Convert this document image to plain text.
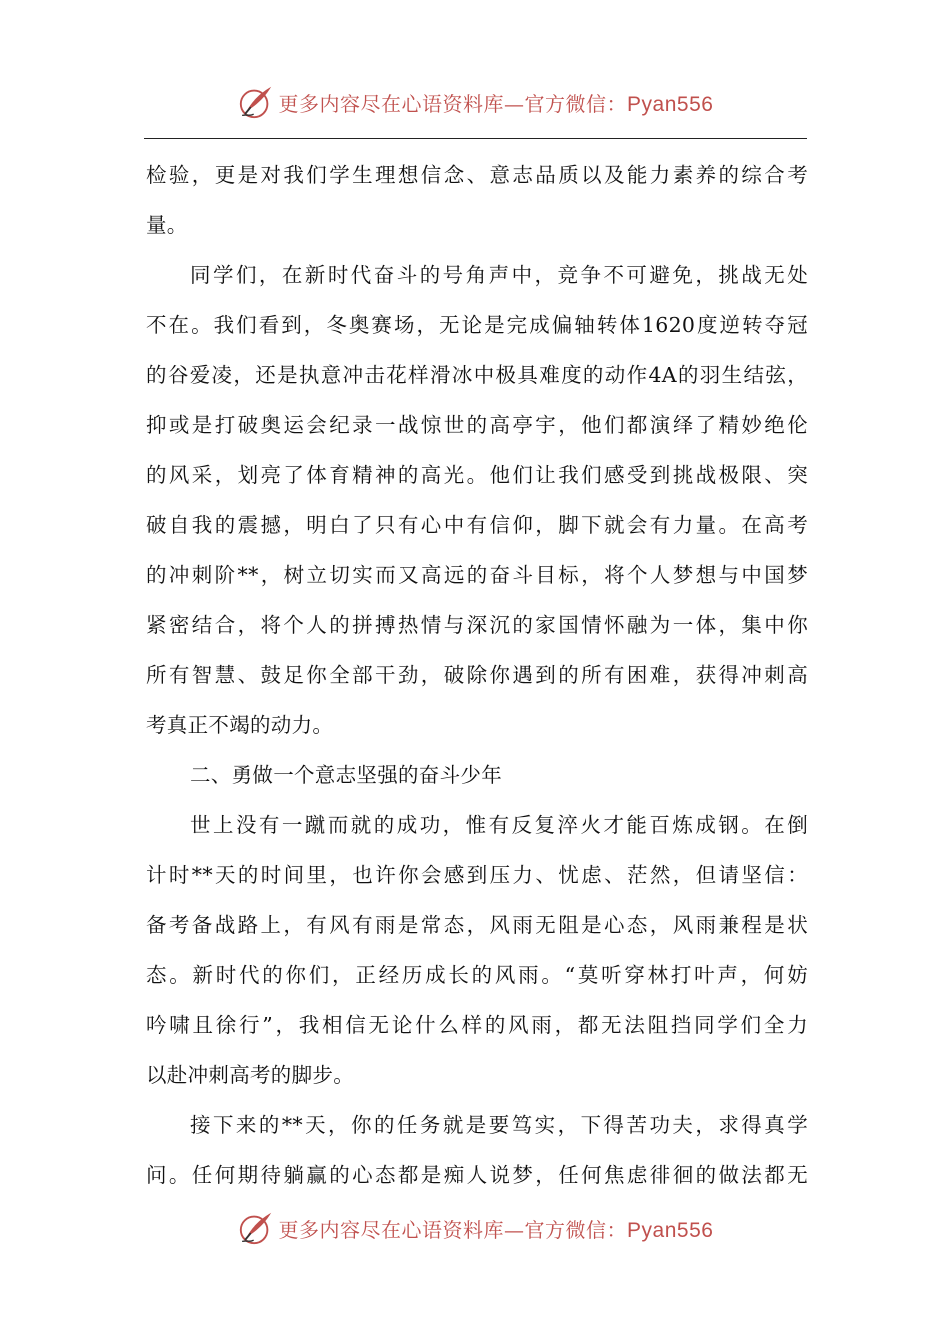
更多内容尽在心语资料库—官方微信：Pyan556
检验，更是对我们学生理想信念、意志品质以及能力素养的综合考
量。
同学们，在新时代奋斗的号角声中，竞争不可避免，挑战无处
不在。我们看到，冬奥赛场，无论是完成偏轴转体1620度逆转夺冠
的谷爱凌，还是执意冲击花样滑冰中极具难度的动作4A的羽生结弦，
抑或是打破奥运会纪录一战惊世的高亭宇，他们都演绎了精妙绝伦
的风采，划亮了体育精神的高光。他们让我们感受到挑战极限、突
破自我的震撼，明白了只有心中有信仰，脚下就会有力量。在高考
的冲刺阶**，树立切实而又高远的奋斗目标，将个人梦想与中国梦
紧密结合，将个人的拼搏热情与深沉的家国情怀融为一体，集中你
所有智慧、鼓足你全部干劲，破除你遇到的所有困难，获得冲刺高
考真正不竭的动力。
二、勇做一个意志坚强的奋斗少年
世上没有一蹴而就的成功，惟有反复淬火才能百炼成钢。在倒
计时**天的时间里，也许你会感到压力、忧虑、茫然，但请坚信：
备考备战路上，有风有雨是常态，风雨无阻是心态，风雨兼程是状
态。新时代的你们，正经历成长的风雨。“莫听穿林打叶声，何妨
吟啸且徐行”，我相信无论什么样的风雨，都无法阻挡同学们全力
以赴冲刺高考的脚步。
接下来的**天，你的任务就是要笃实，下得苦功夫，求得真学
问。任何期待躺赢的心态都是痴人说梦，任何焦虑徘徊的做法都无
更多内容尽在心语资料库—官方微信：Pyan556
